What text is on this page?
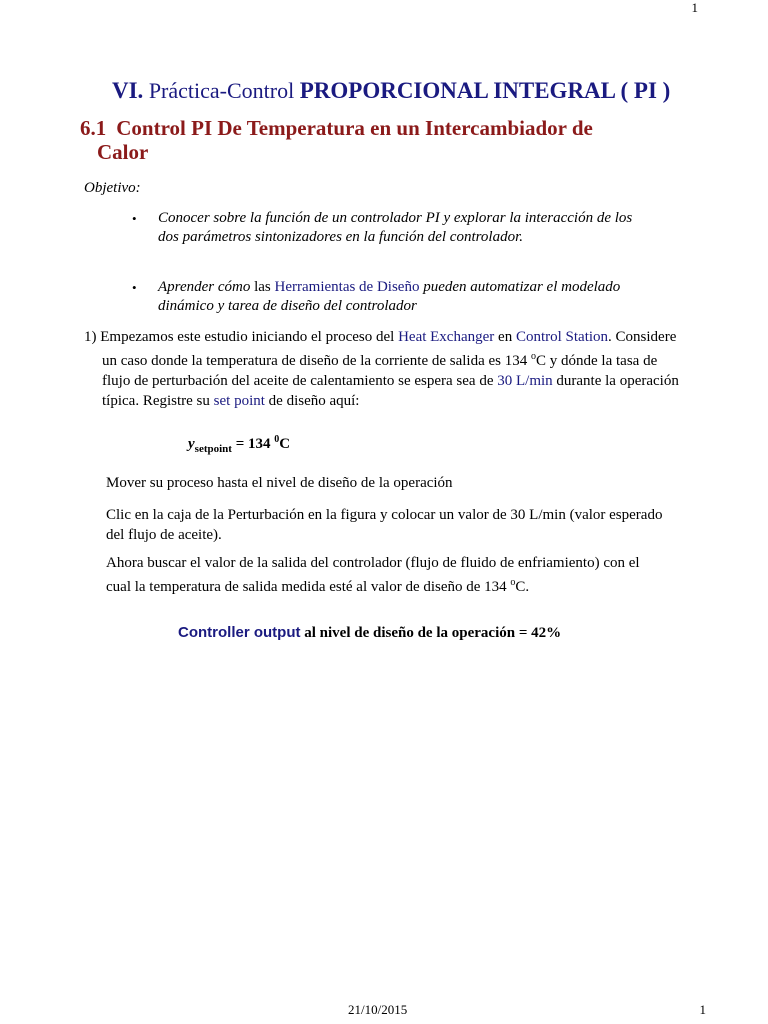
1
VI. Práctica-Control PROPORCIONAL INTEGRAL ( PI )
6.1 Control PI De Temperatura en un Intercambiador de
Calor
Objetivo:
• Conocer sobre la función de un controlador PI y explorar la interacción de los dos parámetros sintonizadores en la función del controlador.
• Aprender cómo las Herramientas de Diseño pueden automatizar el modelado dinámico y tarea de diseño del controlador
1) Empezamos este estudio iniciando el proceso del Heat Exchanger en Control Station. Considere un caso donde la temperatura de diseño de la corriente de salida es 134 $^o$C y dónde la tasa de flujo de perturbación del aceite de calentamiento se espera sea de 30 L/min durante la operación típica. Registre su set point de diseño aquí:
$y_{setpoint} = 134$ $^0$C
Mover su proceso hasta el nivel de diseño de la operación
Clic en la caja de la Perturbación en la figura y colocar un valor de 30 L/min (valor esperado del flujo de aceite).
Ahora buscar el valor de la salida del controlador (flujo de fluido de enfriamiento) con el cual la temperatura de salida medida esté al valor de diseño de 134 $^o$C.
Controller output al nivel de diseño de la operación = 42%
21/10/2015	1
